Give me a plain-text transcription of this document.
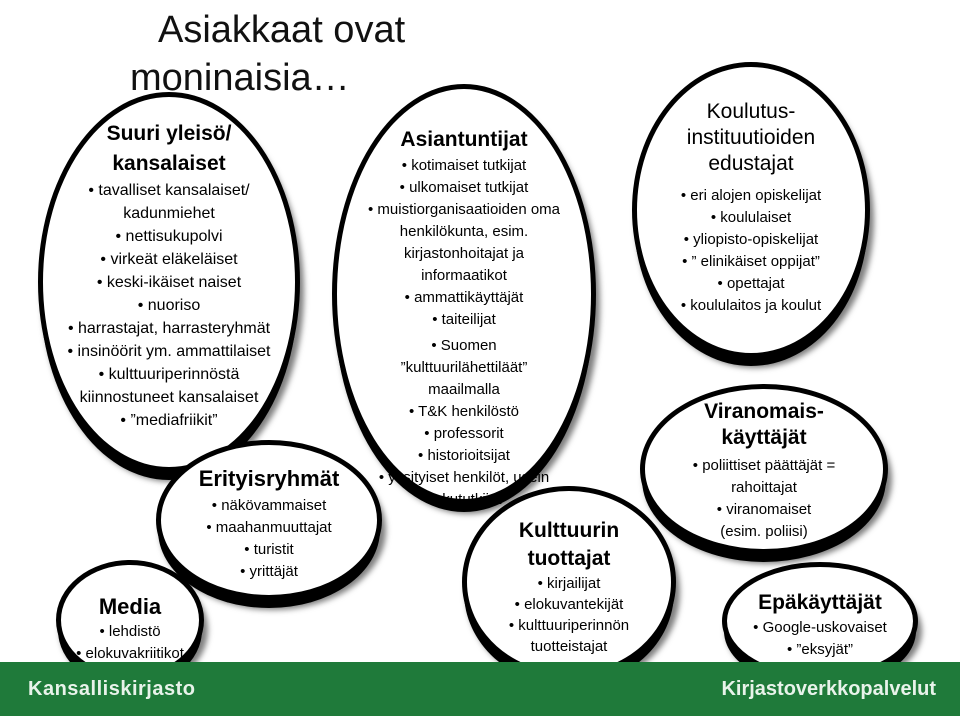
Asiakkaat ovat
moninaisia…
Suuri yleisö/ kansalaiset
• tavalliset kansalaiset/ kadunmiehet
• nettisukupolvi
• virkeät eläkeläiset
• keski-ikäiset naiset
• nuoriso
• harrastajat, harrasteryhmät
• insinöörit ym. ammattilaiset
• kulttuuriperinnöstä kiinnostuneet kansalaiset
• ”mediafriikit”
Media
• lehdistö
• elokuvakriitikot
Erityisryhmät
• näkövammaiset
• maahanmuuttajat
• turistit
• yrittäjät
Asiantuntijat
• kotimaiset tutkijat
• ulkomaiset tutkijat
• muistiorganisaatioiden oma henkilökunta, esim. kirjastonhoitajat ja informaatikot
• ammattikäyttäjät
• taiteilijat
• Suomen ”kulttuurilähettiläät” maailmalla
• T&K henkilöstö
• professorit
• historioitsijat
• yksityiset henkilöt, usein sukututkijat
Koulutus- instituutioiden edustajat
• eri alojen opiskelijat
• koululaiset
• yliopisto-opiskelijat
• ” elinikäiset oppijat”
• opettajat
• koululaitos ja koulut
Viranomais- käyttäjät
• poliittiset päättäjät = rahoittajat
• viranomaiset (esim. poliisi)
Kulttuurin tuottajat
• kirjailijat
• elokuvantekijät
• kulttuuriperinnön tuotteistajat
Epäkäyttäjät
• Google-uskovaiset
• ”eksyjät”
Kansalliskirjasto	Kirjastoverkkopalvelut
